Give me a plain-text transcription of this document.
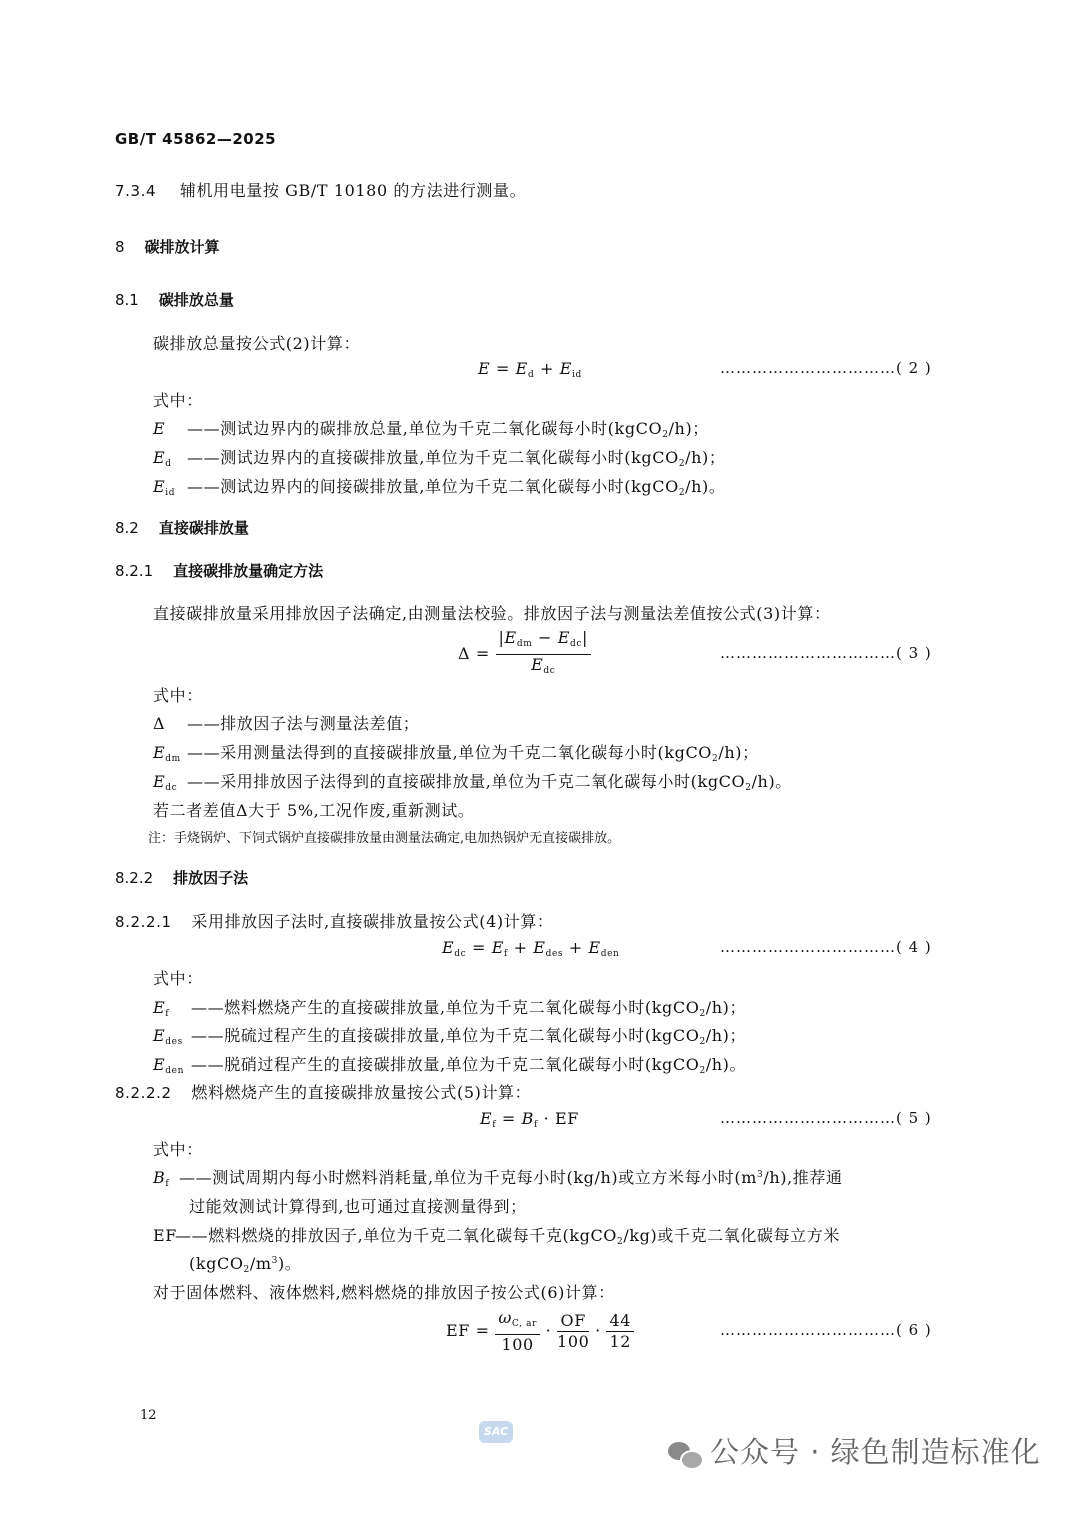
GB/T 45862—2025
7.3.4 辅机用电量按 GB/T 10180 的方法进行测量。
8 碳排放计算
8.1 碳排放总量
碳排放总量按公式(2)计算：
$E = E_d + E_{id}$	……………………………( 2 )
式中：
E ——测试边界内的碳排放总量,单位为千克二氧化碳每小时(kgCO$_2$/h)；
$E_d$ ——测试边界内的直接碳排放量,单位为千克二氧化碳每小时(kgCO$_2$/h)；
$E_{id}$ ——测试边界内的间接碳排放量,单位为千克二氧化碳每小时(kgCO$_2$/h)。
8.2 直接碳排放量
8.2.1 直接碳排放量确定方法
直接碳排放量采用排放因子法确定,由测量法校验。排放因子法与测量法差值按公式(3)计算：
$\Delta = \frac{|E_{dm} - E_{dc}|}{E_{dc}}$	……………………………( 3 )
式中：
Δ ——排放因子法与测量法差值；
$E_{dm}$ ——采用测量法得到的直接碳排放量,单位为千克二氧化碳每小时(kgCO$_2$/h)；
$E_{dc}$ ——采用排放因子法得到的直接碳排放量,单位为千克二氧化碳每小时(kgCO$_2$/h)。
若二者差值Δ大于 5%,工况作废,重新测试。
注：手烧锅炉、下饲式锅炉直接碳排放量由测量法确定,电加热锅炉无直接碳排放。
8.2.2 排放因子法
8.2.2.1 采用排放因子法时,直接碳排放量按公式(4)计算：
$E_{dc} = E_f + E_{des} + E_{den}$	……………………………( 4 )
式中：
$E_f$ ——燃料燃烧产生的直接碳排放量,单位为千克二氧化碳每小时(kgCO$_2$/h)；
$E_{des}$ ——脱硫过程产生的直接碳排放量,单位为千克二氧化碳每小时(kgCO$_2$/h)；
$E_{den}$ ——脱硝过程产生的直接碳排放量,单位为千克二氧化碳每小时(kgCO$_2$/h)。
8.2.2.2 燃料燃烧产生的直接碳排放量按公式(5)计算：
$E_f = B_f$ · EF	……………………………( 5 )
式中：
$B_f$ ——测试周期内每小时燃料消耗量,单位为千克每小时(kg/h)或立方米每小时$(m^3/h)$,推荐通
过能效测试计算得到,也可通过直接测量得到；
EF——燃料燃烧的排放因子,单位为千克二氧化碳每千克(kgCO$_2$/kg)或千克二氧化碳每立方米
$(kgCO_2/m^3)$。
对于固体燃料、液体燃料,燃料燃烧的排放因子按公式(6)计算：
EF = $\frac{\omega_{C, ar}}{100} \cdot \frac{OF}{100} \cdot \frac{44}{12}$	……………………………( 6 )
12
SAC
公众号 · 绿色制造标准化
